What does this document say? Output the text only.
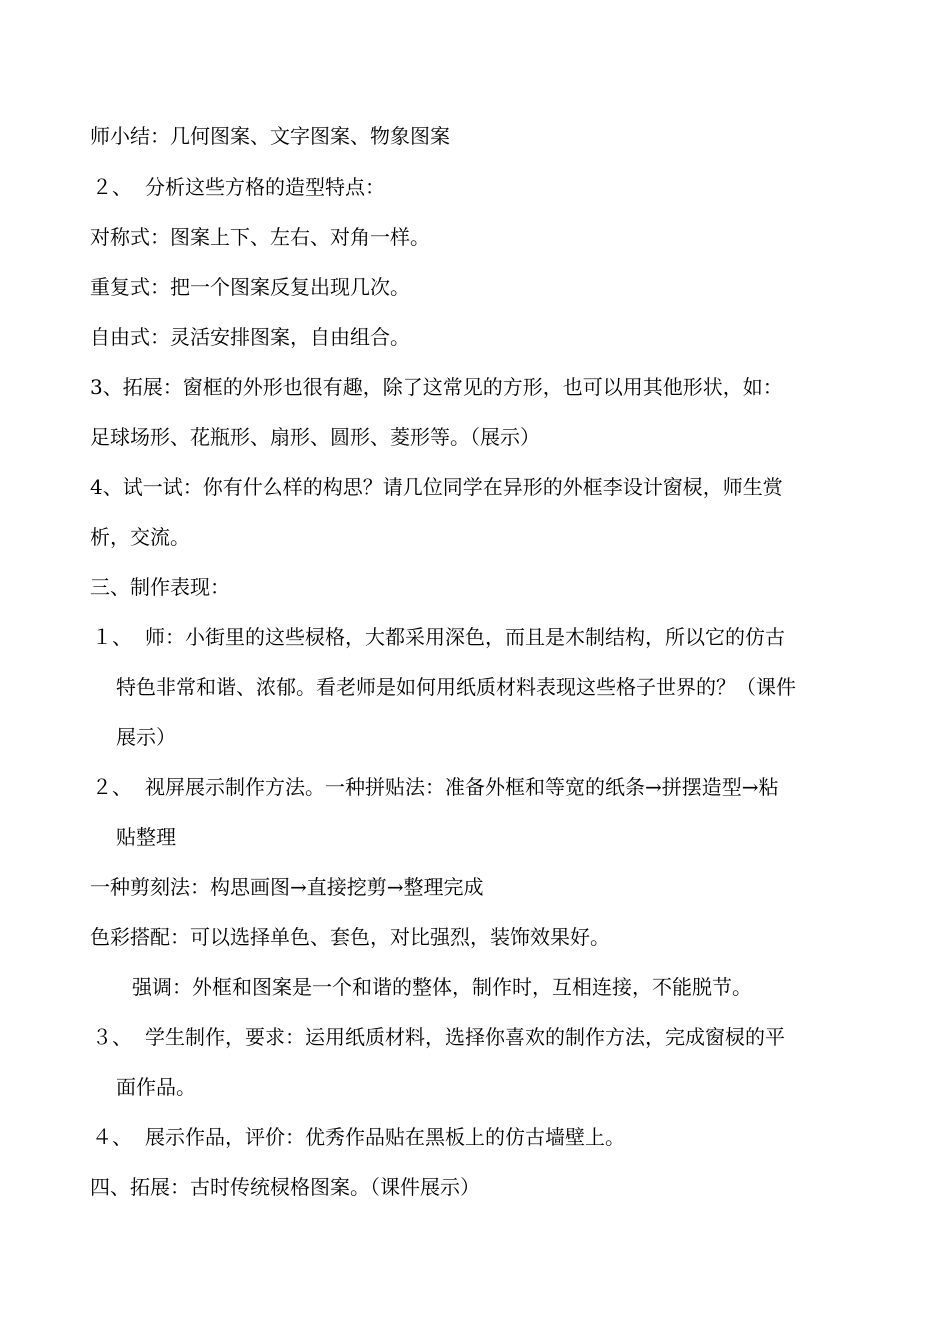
师小结：几何图案、文字图案、物象图案
２、 分析这些方格的造型特点：
对称式：图案上下、左右、对角一样。
重复式：把一个图案反复出现几次。
自由式：灵活安排图案，自由组合。
3、拓展：窗框的外形也很有趣，除了这常见的方形，也可以用其他形状，如：
足球场形、花瓶形、扇形、圆形、菱形等。（展示）
4、试一试：你有什么样的构思？请几位同学在异形的外框李设计窗棂，师生赏
析，交流。
三、制作表现：
１、 师：小街里的这些棂格，大都采用深色，而且是木制结构，所以它的仿古
特色非常和谐、浓郁。看老师是如何用纸质材料表现这些格子世界的？（课件
展示）
２、 视屏展示制作方法。一种拼贴法：准备外框和等宽的纸条→拼摆造型→粘
贴整理
一种剪刻法：构思画图→直接挖剪→整理完成
色彩搭配：可以选择单色、套色，对比强烈，装饰效果好。
强调：外框和图案是一个和谐的整体，制作时，互相连接，不能脱节。
３、 学生制作，要求：运用纸质材料，选择你喜欢的制作方法，完成窗棂的平
面作品。
４、 展示作品，评价：优秀作品贴在黑板上的仿古墙壁上。
四、拓展：古时传统棂格图案。（课件展示）
